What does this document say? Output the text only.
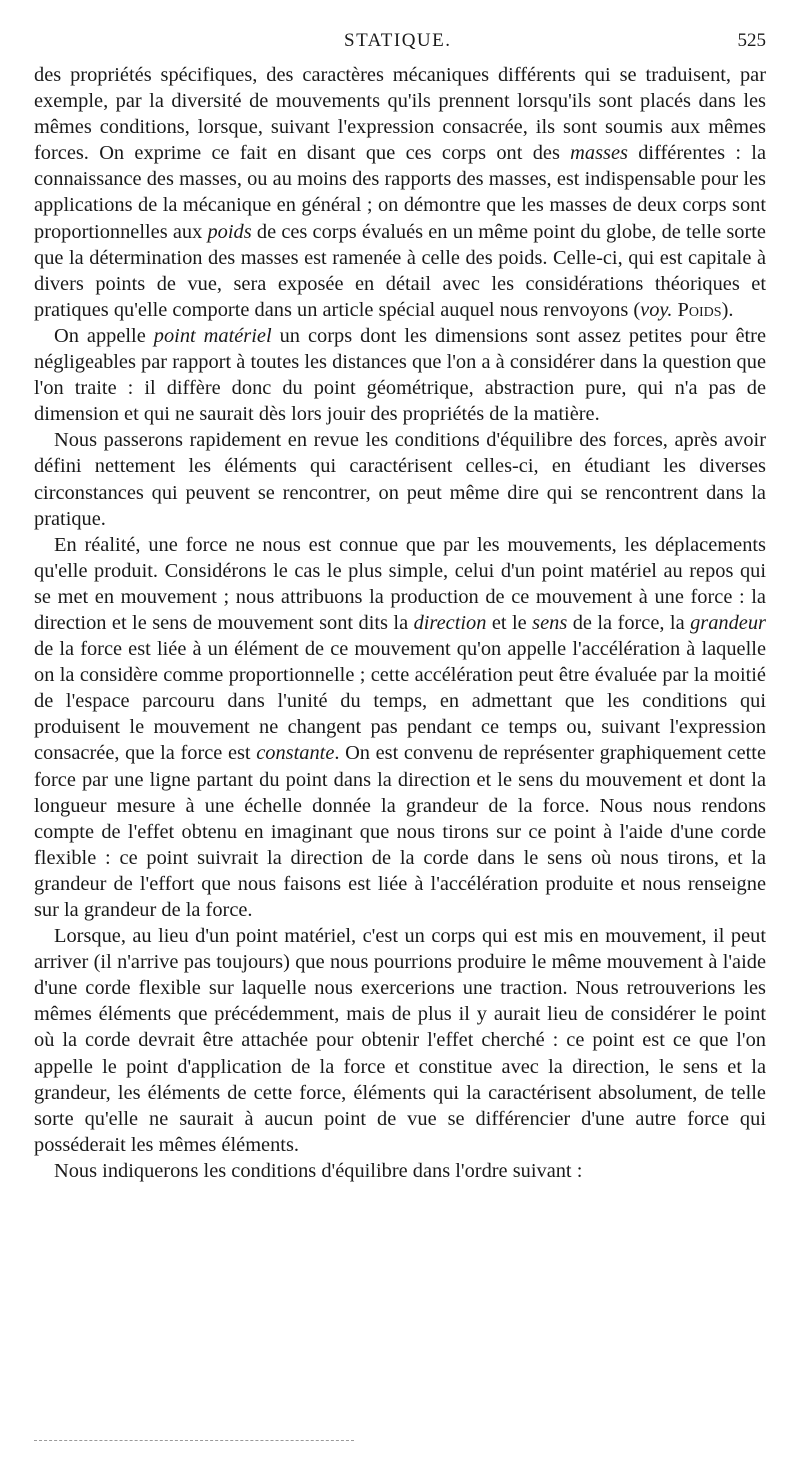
STATIQUE.	525

des propriétés spécifiques, des caractères mécaniques différents qui se traduisent, par exemple, par la diversité de mouvements qu'ils prennent lorsqu'ils sont placés dans les mêmes conditions, lorsque, suivant l'expression consacrée, ils sont soumis aux mêmes forces. On exprime ce fait en disant que ces corps ont des masses différentes : la connaissance des masses, ou au moins des rapports des masses, est indispensable pour les applications de la mécanique en général ; on démontre que les masses de deux corps sont proportionnelles aux poids de ces corps évalués en un même point du globe, de telle sorte que la détermination des masses est ramenée à celle des poids. Celle-ci, qui est capitale à divers points de vue, sera exposée en détail avec les considérations théoriques et pratiques qu'elle comporte dans un article spécial auquel nous renvoyons (voy. Poids).

On appelle point matériel un corps dont les dimensions sont assez petites pour être négligeables par rapport à toutes les distances que l'on a à considérer dans la question que l'on traite : il diffère donc du point géométrique, abstraction pure, qui n'a pas de dimension et qui ne saurait dès lors jouir des propriétés de la matière.

Nous passerons rapidement en revue les conditions d'équilibre des forces, après avoir défini nettement les éléments qui caractérisent celles-ci, en étudiant les diverses circonstances qui peuvent se rencontrer, on peut même dire qui se rencontrent dans la pratique.

En réalité, une force ne nous est connue que par les mouvements, les déplacements qu'elle produit. Considérons le cas le plus simple, celui d'un point matériel au repos qui se met en mouvement ; nous attribuons la production de ce mouvement à une force : la direction et le sens de mouvement sont dits la direction et le sens de la force, la grandeur de la force est liée à un élément de ce mouvement qu'on appelle l'accélération à laquelle on la considère comme proportionnelle ; cette accélération peut être évaluée par la moitié de l'espace parcouru dans l'unité du temps, en admettant que les conditions qui produisent le mouvement ne changent pas pendant ce temps ou, suivant l'expression consacrée, que la force est constante. On est convenu de représenter graphiquement cette force par une ligne partant du point dans la direction et le sens du mouvement et dont la longueur mesure à une échelle donnée la grandeur de la force. Nous nous rendons compte de l'effet obtenu en imaginant que nous tirons sur ce point à l'aide d'une corde flexible : ce point suivrait la direction de la corde dans le sens où nous tirons, et la grandeur de l'effort que nous faisons est liée à l'accélération produite et nous renseigne sur la grandeur de la force.

Lorsque, au lieu d'un point matériel, c'est un corps qui est mis en mouvement, il peut arriver (il n'arrive pas toujours) que nous pourrions produire le même mouvement à l'aide d'une corde flexible sur laquelle nous exercerions une traction. Nous retrouverions les mêmes éléments que précédemment, mais de plus il y aurait lieu de considérer le point où la corde devrait être attachée pour obtenir l'effet cherché : ce point est ce que l'on appelle le point d'application de la force et constitue avec la direction, le sens et la grandeur, les éléments de cette force, éléments qui la caractérisent absolument, de telle sorte qu'elle ne saurait à aucun point de vue se différencier d'une autre force qui posséderait les mêmes éléments.

Nous indiquerons les conditions d'équilibre dans l'ordre suivant :
